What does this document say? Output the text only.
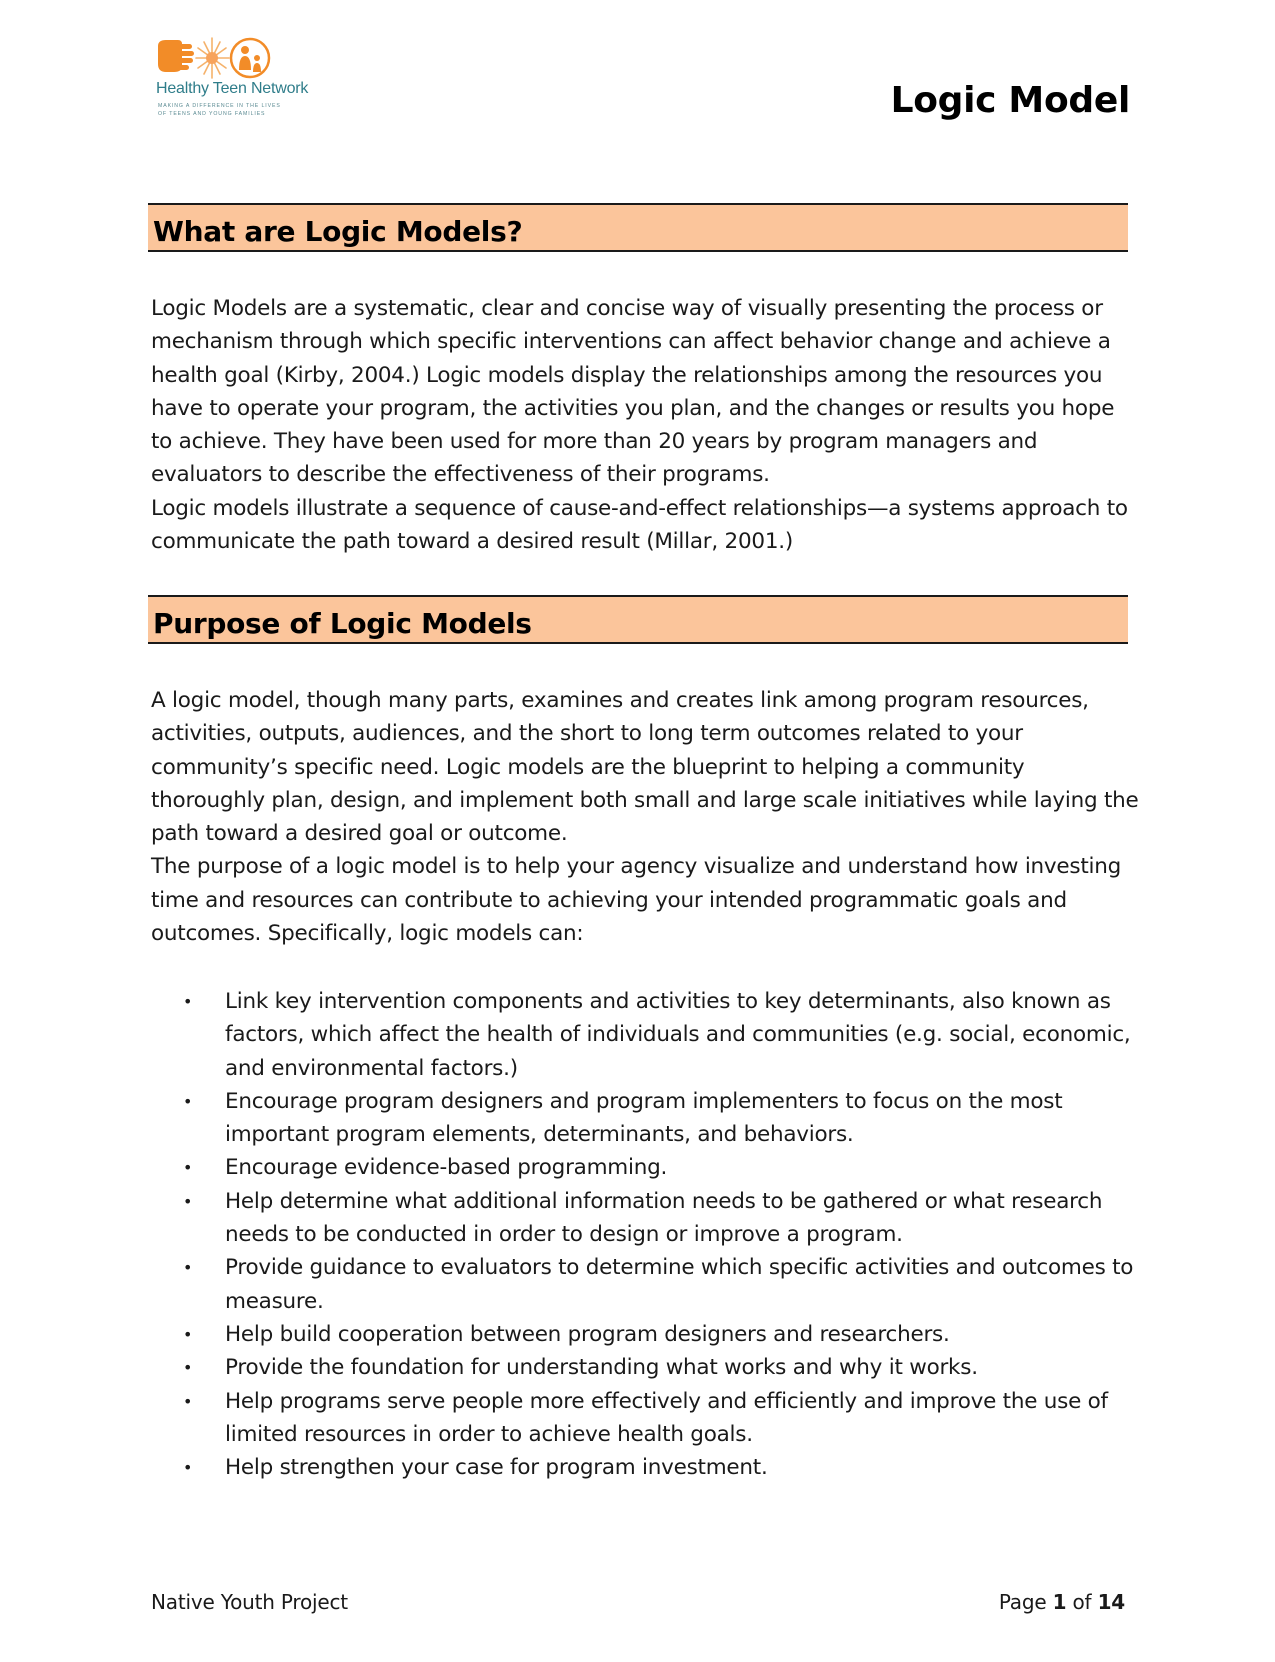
Healthy Teen Network
MAKING A DIFFERENCE IN THE LIVES OF TEENS AND YOUNG FAMILIES	Logic Model
What are Logic Models?

Logic Models are a systematic, clear and concise way of visually presenting the process or mechanism through which specific interventions can affect behavior change and achieve a health goal (Kirby, 2004.) Logic models display the relationships among the resources you have to operate your program, the activities you plan, and the changes or results you hope to achieve. They have been used for more than 20 years by program managers and evaluators to describe the effectiveness of their programs.
Logic models illustrate a sequence of cause-and-effect relationships—a systems approach to communicate the path toward a desired result (Millar, 2001.)

Purpose of Logic Models

A logic model, though many parts, examines and creates link among program resources, activities, outputs, audiences, and the short to long term outcomes related to your community’s specific need. Logic models are the blueprint to helping a community thoroughly plan, design, and implement both small and large scale initiatives while laying the path toward a desired goal or outcome.
The purpose of a logic model is to help your agency visualize and understand how investing time and resources can contribute to achieving your intended programmatic goals and outcomes. Specifically, logic models can:

• Link key intervention components and activities to key determinants, also known as factors, which affect the health of individuals and communities (e.g. social, economic, and environmental factors.)
• Encourage program designers and program implementers to focus on the most important program elements, determinants, and behaviors.
• Encourage evidence-based programming.
• Help determine what additional information needs to be gathered or what research needs to be conducted in order to design or improve a program.
• Provide guidance to evaluators to determine which specific activities and outcomes to measure.
• Help build cooperation between program designers and researchers.
• Provide the foundation for understanding what works and why it works.
• Help programs serve people more effectively and efficiently and improve the use of limited resources in order to achieve health goals.
• Help strengthen your case for program investment.
Native Youth Project	Page 1 of 14
